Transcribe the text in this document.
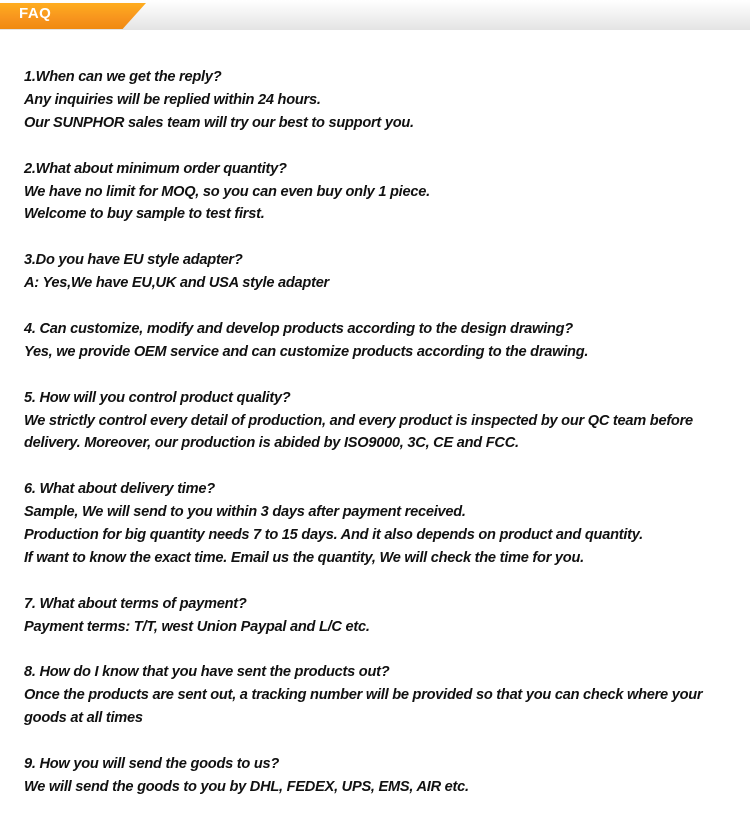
FAQ
1.When can we get the reply?
Any inquiries will be replied within 24 hours.
Our SUNPHOR sales team will try our best to support you.
2.What about minimum order quantity?
We have no limit for MOQ, so you can even buy only 1 piece.
Welcome to buy sample to test first.
3.Do you have EU style adapter?
A: Yes,We have EU,UK and USA style adapter
4. Can customize, modify and develop products according to the design drawing?
Yes, we provide OEM service and can customize products according to the drawing.
5. How will you control product quality?
We strictly control every detail of production, and every product is inspected by our QC team before delivery. Moreover, our production is abided by ISO9000, 3C, CE and FCC.
6. What about delivery time?
Sample, We will send to you within 3 days after payment received.
Production for big quantity needs 7 to 15 days. And it also depends on product and quantity.
If want to know the exact time. Email us the quantity, We will check the time for you.
7. What about terms of payment?
Payment terms: T/T, west Union Paypal and L/C etc.
8. How do I know that you have sent the products out?
Once the products are sent out, a tracking number will be provided so that you can check where your goods at all times
9. How you will send the goods to us?
We will send the goods to you by DHL, FEDEX, UPS, EMS, AIR etc.
